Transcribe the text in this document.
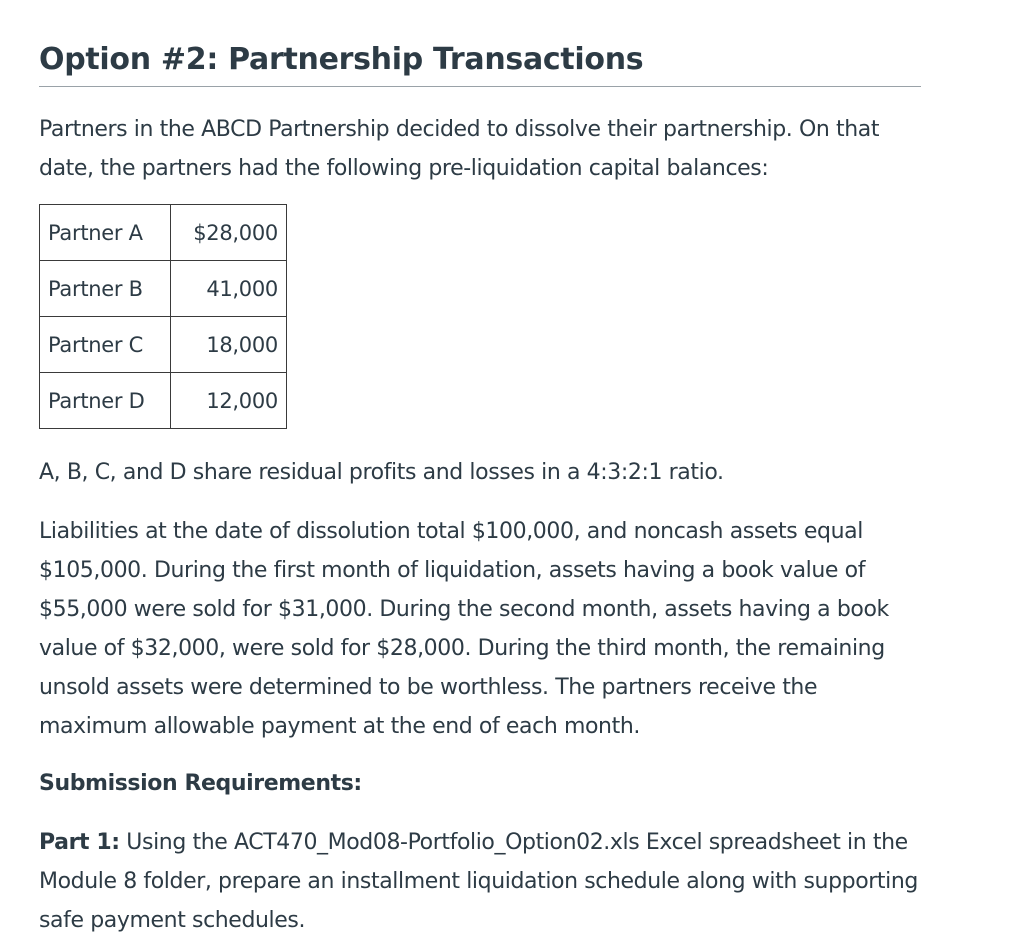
Option #2: Partnership Transactions

Partners in the ABCD Partnership decided to dissolve their partnership. On that date, the partners had the following pre-liquidation capital balances:

Partner A	$28,000
Partner B	41,000
Partner C	18,000
Partner D	12,000

A, B, C, and D share residual profits and losses in a 4:3:2:1 ratio.

Liabilities at the date of dissolution total $100,000, and noncash assets equal $105,000. During the first month of liquidation, assets having a book value of $55,000 were sold for $31,000. During the second month, assets having a book value of $32,000, were sold for $28,000. During the third month, the remaining unsold assets were determined to be worthless. The partners receive the maximum allowable payment at the end of each month.

Submission Requirements:

Part 1: Using the ACT470_Mod08-Portfolio_Option02.xls Excel spreadsheet in the Module 8 folder, prepare an installment liquidation schedule along with supporting safe payment schedules.
